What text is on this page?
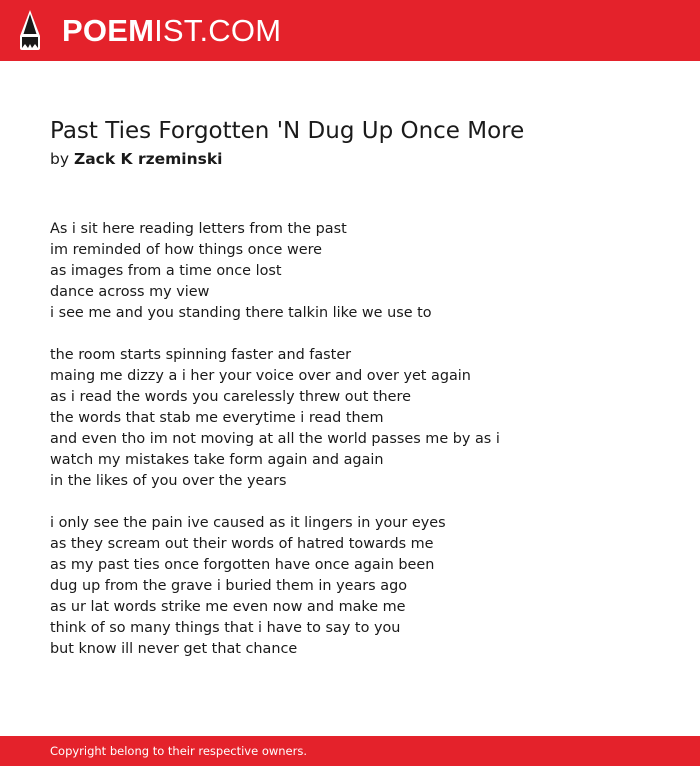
POEMIST.COM
Past Ties Forgotten 'N Dug Up Once More
by Zack K rzeminski
As i sit here reading letters from the past
im reminded of how things once were
as images from a time once lost
dance across my view
i see me and you standing there talkin like we use to
the room starts spinning faster and faster
maing me dizzy a i her your voice over and over yet again
as i read the words you carelessly threw out there
the words that stab me everytime i read them
and even tho im not moving at all the world passes me by as i
watch my mistakes take form again and again
in the likes of you over the years
i only see the pain ive caused as it lingers in your eyes
as they scream out their words of hatred towards me
as my past ties once forgotten have once again been
dug up from the grave i buried them in years ago
as ur lat words strike me even now and make me
think of so many things that i have to say to you
but know ill never get that chance
Copyright belong to their respective owners.
